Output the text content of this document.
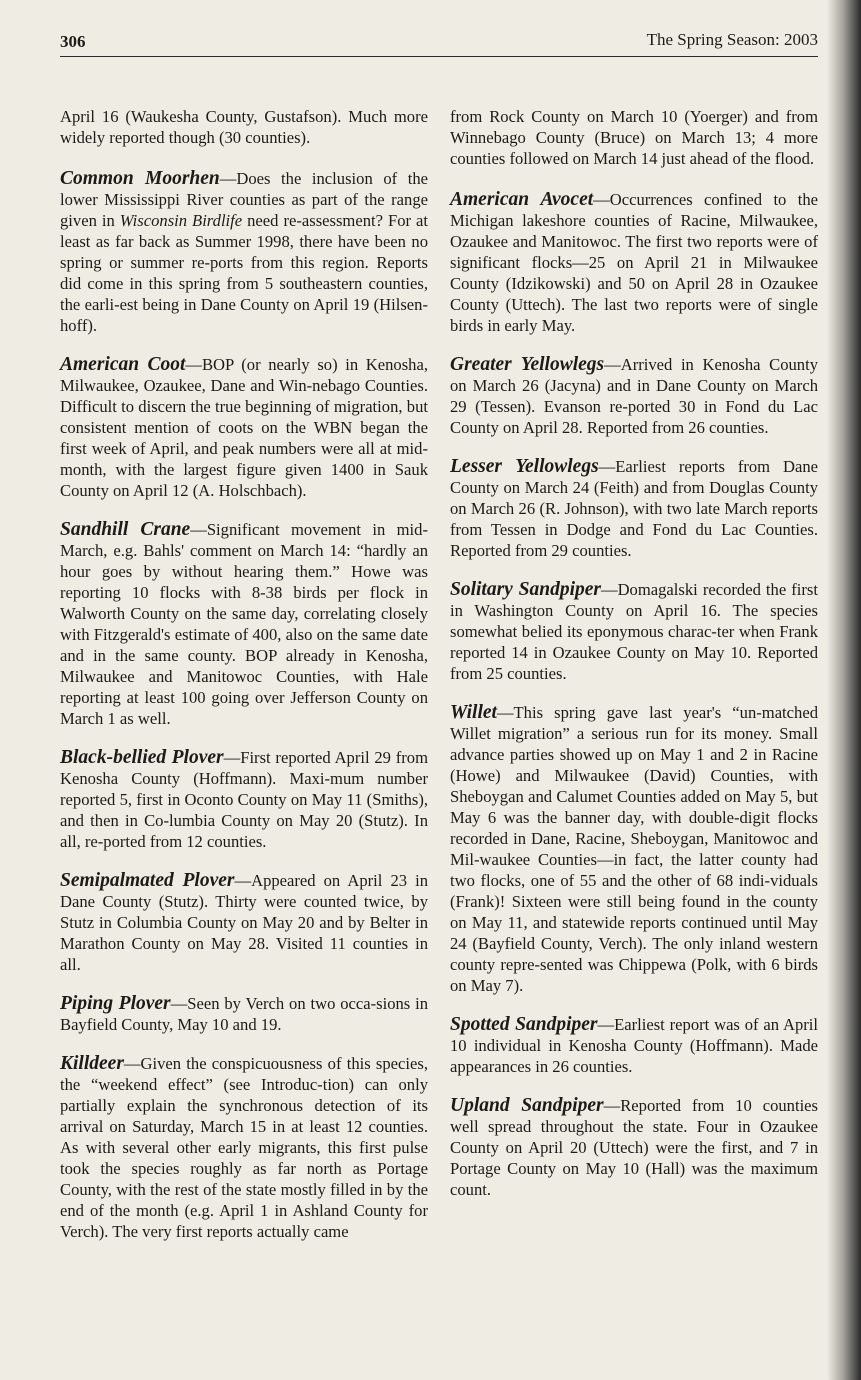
306	The Spring Season: 2003

April 16 (Waukesha County, Gustafson). Much more widely reported though (30 counties).

Common Moorhen—Does the inclusion of the lower Mississippi River counties as part of the range given in Wisconsin Birdlife need re-assessment? For at least as far back as Summer 1998, there have been no spring or summer re-ports from this region. Reports did come in this spring from 5 southeastern counties, the earli-est being in Dane County on April 19 (Hilsen-hoff).

American Coot—BOP (or nearly so) in Kenosha, Milwaukee, Ozaukee, Dane and Win-nebago Counties. Difficult to discern the true beginning of migration, but consistent mention of coots on the WBN began the first week of April, and peak numbers were all at mid-month, with the largest figure given 1400 in Sauk County on April 12 (A. Holschbach).

Sandhill Crane—Significant movement in mid-March, e.g. Bahls' comment on March 14: “hardly an hour goes by without hearing them.” Howe was reporting 10 flocks with 8-38 birds per flock in Walworth County on the same day, correlating closely with Fitzgerald's estimate of 400, also on the same date and in the same county. BOP already in Kenosha, Milwaukee and Manitowoc Counties, with Hale reporting at least 100 going over Jefferson County on March 1 as well.

Black-bellied Plover—First reported April 29 from Kenosha County (Hoffmann). Maxi-mum number reported 5, first in Oconto County on May 11 (Smiths), and then in Co-lumbia County on May 20 (Stutz). In all, re-ported from 12 counties.

Semipalmated Plover—Appeared on April 23 in Dane County (Stutz). Thirty were counted twice, by Stutz in Columbia County on May 20 and by Belter in Marathon County on May 28. Visited 11 counties in all.

Piping Plover—Seen by Verch on two occa-sions in Bayfield County, May 10 and 19.

Killdeer—Given the conspicuousness of this species, the “weekend effect” (see Introduc-tion) can only partially explain the synchronous detection of its arrival on Saturday, March 15 in at least 12 counties. As with several other early migrants, this first pulse took the species roughly as far north as Portage County, with the rest of the state mostly filled in by the end of the month (e.g. April 1 in Ashland County for Verch). The very first reports actually came

from Rock County on March 10 (Yoerger) and from Winnebago County (Bruce) on March 13; 4 more counties followed on March 14 just ahead of the flood.

American Avocet—Occurrences confined to the Michigan lakeshore counties of Racine, Milwaukee, Ozaukee and Manitowoc. The first two reports were of significant flocks—25 on April 21 in Milwaukee County (Idzikowski) and 50 on April 28 in Ozaukee County (Uttech). The last two reports were of single birds in early May.

Greater Yellowlegs—Arrived in Kenosha County on March 26 (Jacyna) and in Dane County on March 29 (Tessen). Evanson re-ported 30 in Fond du Lac County on April 28. Reported from 26 counties.

Lesser Yellowlegs—Earliest reports from Dane County on March 24 (Feith) and from Douglas County on March 26 (R. Johnson), with two late March reports from Tessen in Dodge and Fond du Lac Counties. Reported from 29 counties.

Solitary Sandpiper—Domagalski recorded the first in Washington County on April 16. The species somewhat belied its eponymous charac-ter when Frank reported 14 in Ozaukee County on May 10. Reported from 25 counties.

Willet—This spring gave last year's “un-matched Willet migration” a serious run for its money. Small advance parties showed up on May 1 and 2 in Racine (Howe) and Milwaukee (David) Counties, with Sheboygan and Calumet Counties added on May 5, but May 6 was the banner day, with double-digit flocks recorded in Dane, Racine, Sheboygan, Manitowoc and Mil-waukee Counties—in fact, the latter county had two flocks, one of 55 and the other of 68 indi-viduals (Frank)! Sixteen were still being found in the county on May 11, and statewide reports continued until May 24 (Bayfield County, Verch). The only inland western county repre-sented was Chippewa (Polk, with 6 birds on May 7).

Spotted Sandpiper—Earliest report was of an April 10 individual in Kenosha County (Hoffmann). Made appearances in 26 counties.

Upland Sandpiper—Reported from 10 counties well spread throughout the state. Four in Ozaukee County on April 20 (Uttech) were the first, and 7 in Portage County on May 10 (Hall) was the maximum count.
